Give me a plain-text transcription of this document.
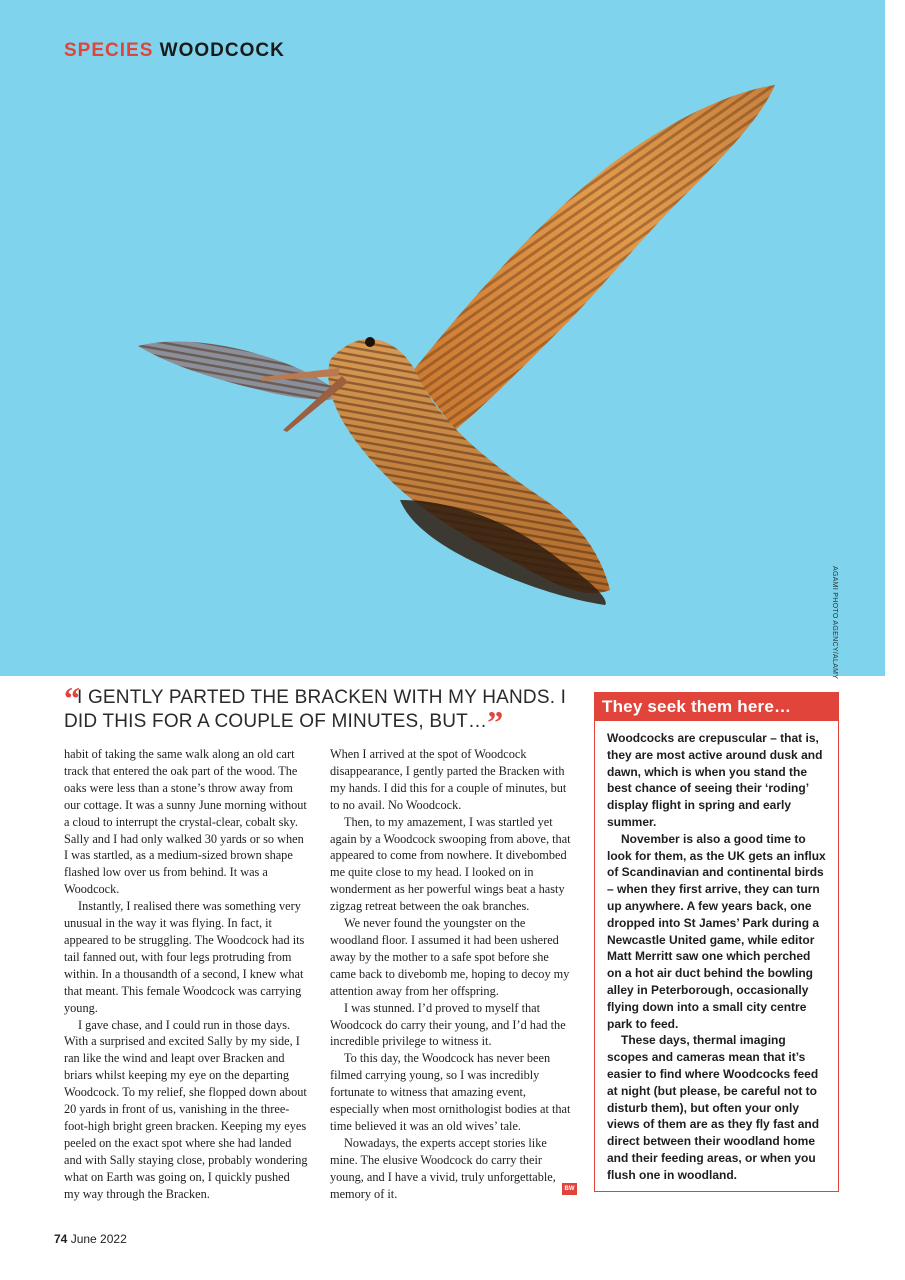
SPECIES WOODCOCK
AGAMI PHOTO AGENCY/ALAMY
“I GENTLY PARTED THE BRACKEN WITH MY HANDS. I DID THIS FOR A COUPLE OF MINUTES, BUT…”

habit of taking the same walk along an old cart track that entered the oak part of the wood. The oaks were less than a stone’s throw away from our cottage. It was a sunny June morning without a cloud to interrupt the crystal-clear, cobalt sky. Sally and I had only walked 30 yards or so when I was startled, as a medium-sized brown shape flashed low over us from behind. It was a Woodcock.

Instantly, I realised there was something very unusual in the way it was flying. In fact, it appeared to be struggling. The Woodcock had its tail fanned out, with four legs protruding from within. In a thousandth of a second, I knew what that meant. This female Woodcock was carrying young.

I gave chase, and I could run in those days. With a surprised and excited Sally by my side, I ran like the wind and leapt over Bracken and briars whilst keeping my eye on the departing Woodcock. To my relief, she flopped down about 20 yards in front of us, vanishing in the three-foot-high bright green bracken. Keeping my eyes peeled on the exact spot where she had landed and with Sally staying close, probably wondering what on Earth was going on, I quickly pushed my way through the Bracken.

When I arrived at the spot of Woodcock disappearance, I gently parted the Bracken with my hands. I did this for a couple of minutes, but to no avail. No Woodcock.

Then, to my amazement, I was startled yet again by a Woodcock swooping from above, that appeared to come from nowhere. It divebombed me quite close to my head. I looked on in wonderment as her powerful wings beat a hasty zigzag retreat between the oak branches.

We never found the youngster on the woodland floor. I assumed it had been ushered away by the mother to a safe spot before she came back to divebomb me, hoping to decoy my attention away from her offspring.

I was stunned. I’d proved to myself that Woodcock do carry their young, and I’d had the incredible privilege to witness it.

To this day, the Woodcock has never been filmed carrying young, so I was incredibly fortunate to witness that amazing event, especially when most ornithologist bodies at that time believed it was an old wives’ tale.

Nowadays, the experts accept stories like mine. The elusive Woodcock do carry their young, and I have a vivid, truly unforgettable, memory of it.	BW
They seek them here…

Woodcocks are crepuscular – that is, they are most active around dusk and dawn, which is when you stand the best chance of seeing their ‘roding’ display flight in spring and early summer.

November is also a good time to look for them, as the UK gets an influx of Scandinavian and continental birds – when they first arrive, they can turn up anywhere. A few years back, one dropped into St James’ Park during a Newcastle United game, while editor Matt Merritt saw one which perched on a hot air duct behind the bowling alley in Peterborough, occasionally flying down into a small city centre park to feed.

These days, thermal imaging scopes and cameras mean that it’s easier to find where Woodcocks feed at night (but please, be careful not to disturb them), but often your only views of them are as they fly fast and direct between their woodland home and their feeding areas, or when you flush one in woodland.

74 June 2022
